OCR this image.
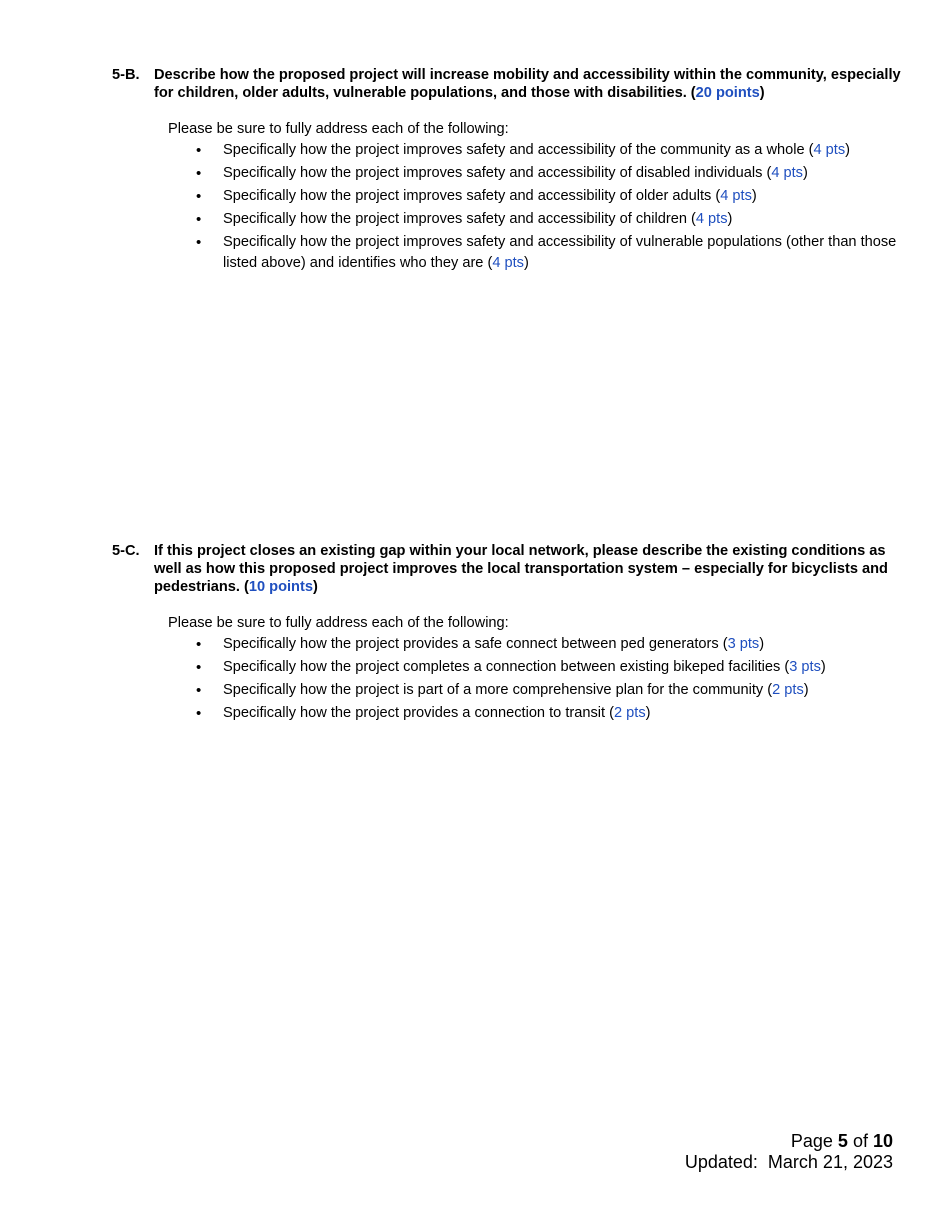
5-B. Describe how the proposed project will increase mobility and accessibility within the community, especially for children, older adults, vulnerable populations, and those with disabilities. (20 points)
Please be sure to fully address each of the following:
• Specifically how the project improves safety and accessibility of the community as a whole (4 pts)
• Specifically how the project improves safety and accessibility of disabled individuals (4 pts)
• Specifically how the project improves safety and accessibility of older adults (4 pts)
• Specifically how the project improves safety and accessibility of children (4 pts)
• Specifically how the project improves safety and accessibility of vulnerable populations (other than those listed above) and identifies who they are (4 pts)
5-C. If this project closes an existing gap within your local network, please describe the existing conditions as well as how this proposed project improves the local transportation system – especially for bicyclists and pedestrians. (10 points)
Please be sure to fully address each of the following:
• Specifically how the project provides a safe connect between ped generators (3 pts)
• Specifically how the project completes a connection between existing bikeped facilities (3 pts)
• Specifically how the project is part of a more comprehensive plan for the community (2 pts)
• Specifically how the project provides a connection to transit (2 pts)
Page 5 of 10
Updated: March 21, 2023
